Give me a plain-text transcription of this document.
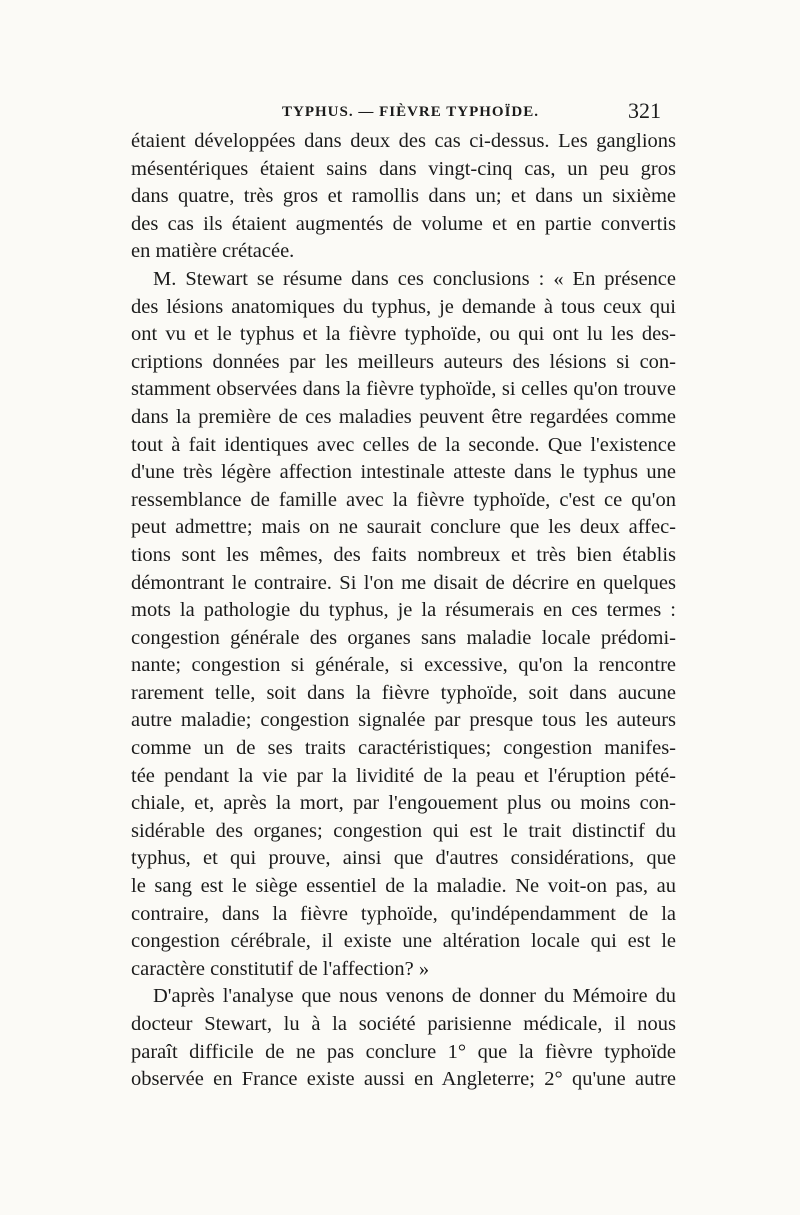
TYPHUS. — FIÈVRE TYPHOÏDE.	321
étaient développées dans deux des cas ci-dessus. Les ganglions
mésentériques étaient sains dans vingt-cinq cas, un peu gros
dans quatre, très gros et ramollis dans un; et dans un sixième
des cas ils étaient augmentés de volume et en partie convertis
en matière crétacée.
M. Stewart se résume dans ces conclusions : « En présence
des lésions anatomiques du typhus, je demande à tous ceux qui
ont vu et le typhus et la fièvre typhoïde, ou qui ont lu les des-
criptions données par les meilleurs auteurs des lésions si con-
stamment observées dans la fièvre typhoïde, si celles qu'on trouve
dans la première de ces maladies peuvent être regardées comme
tout à fait identiques avec celles de la seconde. Que l'existence
d'une très légère affection intestinale atteste dans le typhus une
ressemblance de famille avec la fièvre typhoïde, c'est ce qu'on
peut admettre; mais on ne saurait conclure que les deux affec-
tions sont les mêmes, des faits nombreux et très bien établis
démontrant le contraire. Si l'on me disait de décrire en quelques
mots la pathologie du typhus, je la résumerais en ces termes :
congestion générale des organes sans maladie locale prédomi-
nante; congestion si générale, si excessive, qu'on la rencontre
rarement telle, soit dans la fièvre typhoïde, soit dans aucune
autre maladie; congestion signalée par presque tous les auteurs
comme un de ses traits caractéristiques; congestion manifes-
tée pendant la vie par la lividité de la peau et l'éruption pété-
chiale, et, après la mort, par l'engouement plus ou moins con-
sidérable des organes; congestion qui est le trait distinctif du
typhus, et qui prouve, ainsi que d'autres considérations, que
le sang est le siège essentiel de la maladie. Ne voit-on pas, au
contraire, dans la fièvre typhoïde, qu'indépendamment de la
congestion cérébrale, il existe une altération locale qui est le
caractère constitutif de l'affection? »
D'après l'analyse que nous venons de donner du Mémoire du
docteur Stewart, lu à la société parisienne médicale, il nous
paraît difficile de ne pas conclure 1° que la fièvre typhoïde
observée en France existe aussi en Angleterre; 2° qu'une autre
